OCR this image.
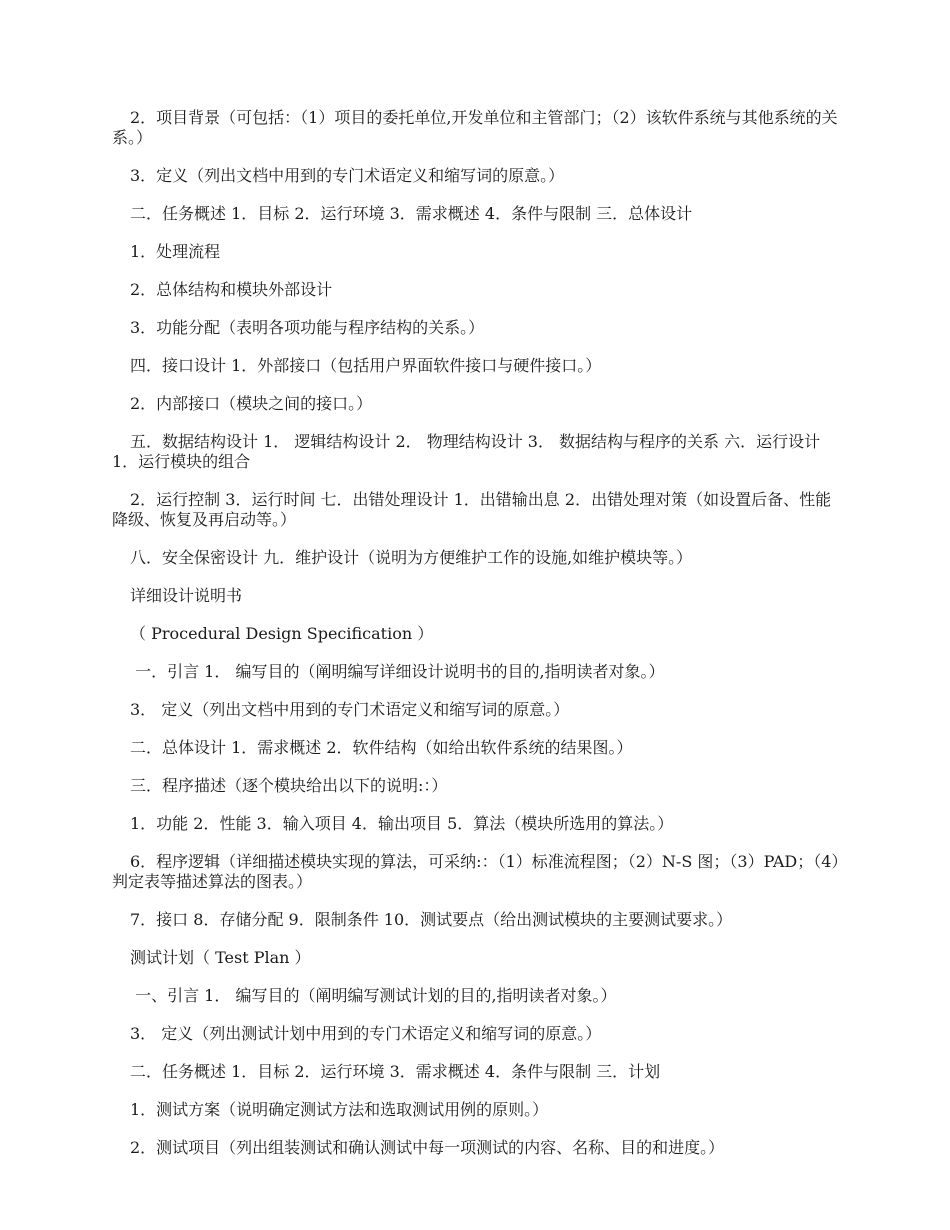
2．项目背景（可包括：（1）项目的委托单位,开发单位和主管部门；（2）该软件系统与其他系统的关系。）

3．定义（列出文档中用到的专门术语定义和缩写词的原意。）

二．任务概述 1．目标 2．运行环境 3．需求概述 4．条件与限制 三．总体设计

1．处理流程

2．总体结构和模块外部设计

3．功能分配（表明各项功能与程序结构的关系。）

四．接口设计 1．外部接口（包括用户界面软件接口与硬件接口。）

2．内部接口（模块之间的接口。）

五．数据结构设计 1． 逻辑结构设计 2． 物理结构设计 3． 数据结构与程序的关系 六．运行设计 1．运行模块的组合

2．运行控制 3．运行时间 七．出错处理设计 1．出错输出息 2．出错处理对策（如设置后备、性能降级、恢复及再启动等。）

八．安全保密设计 九．维护设计（说明为方便维护工作的设施,如维护模块等。）

详细设计说明书

（ Procedural Design Specification ）

一．引言 1． 编写目的（阐明编写详细设计说明书的目的,指明读者对象。）

3． 定义（列出文档中用到的专门术语定义和缩写词的原意。）

二．总体设计 1．需求概述 2．软件结构（如给出软件系统的结果图。）

三．程序描述（逐个模块给出以下的说明:：）

1．功能 2．性能 3．输入项目 4．输出项目 5．算法（模块所选用的算法。）

6．程序逻辑（详细描述模块实现的算法，可采纳:：（1）标准流程图；（2）N-S 图；（3）PAD；（4）判定表等描述算法的图表。）

7．接口 8．存储分配 9．限制条件 10．测试要点（给出测试模块的主要测试要求。）

测试计划（ Test Plan ）

一、引言 1． 编写目的（阐明编写测试计划的目的,指明读者对象。）

3． 定义（列出测试计划中用到的专门术语定义和缩写词的原意。）

二．任务概述 1．目标 2．运行环境 3．需求概述 4．条件与限制 三．计划

1．测试方案（说明确定测试方法和选取测试用例的原则。）

2．测试项目（列出组装测试和确认测试中每一项测试的内容、名称、目的和进度。）
